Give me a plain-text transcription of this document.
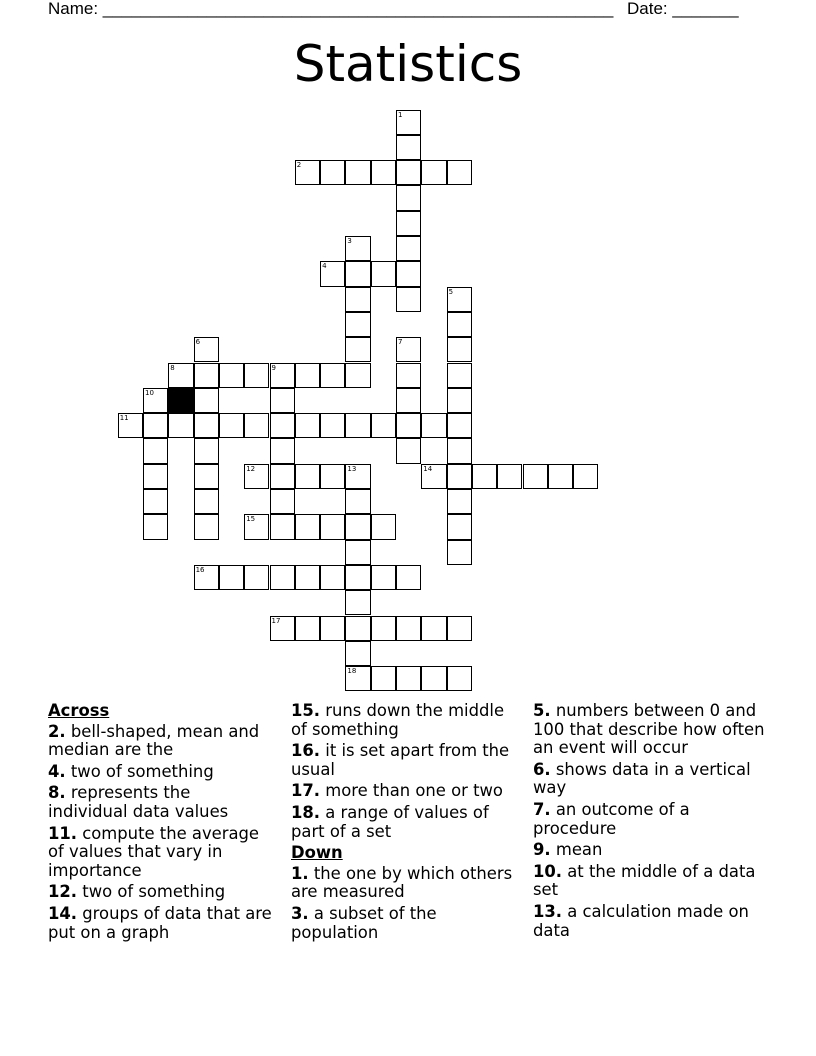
Name: ______________________________________________________ Date: _______
Statistics
1
2
3
4
5
6	7
8	9
10
11
12	13
18
14
15
16
17
Across
2. bell-shaped, mean and median are the
4. two of something
8. represents the individual data values
11. compute the average of values that vary in importance
12. two of something
14. groups of data that are put on a graph
15. runs down the middle of something
16. it is set apart from the usual
17. more than one or two
18. a range of values of part of a set
Down
1. the one by which others are measured
3. a subset of the population
5. numbers between 0 and 100 that describe how often an event will occur
6. shows data in a vertical way
7. an outcome of a procedure
9. mean
10. at the middle of a data set
13. a calculation made on data
